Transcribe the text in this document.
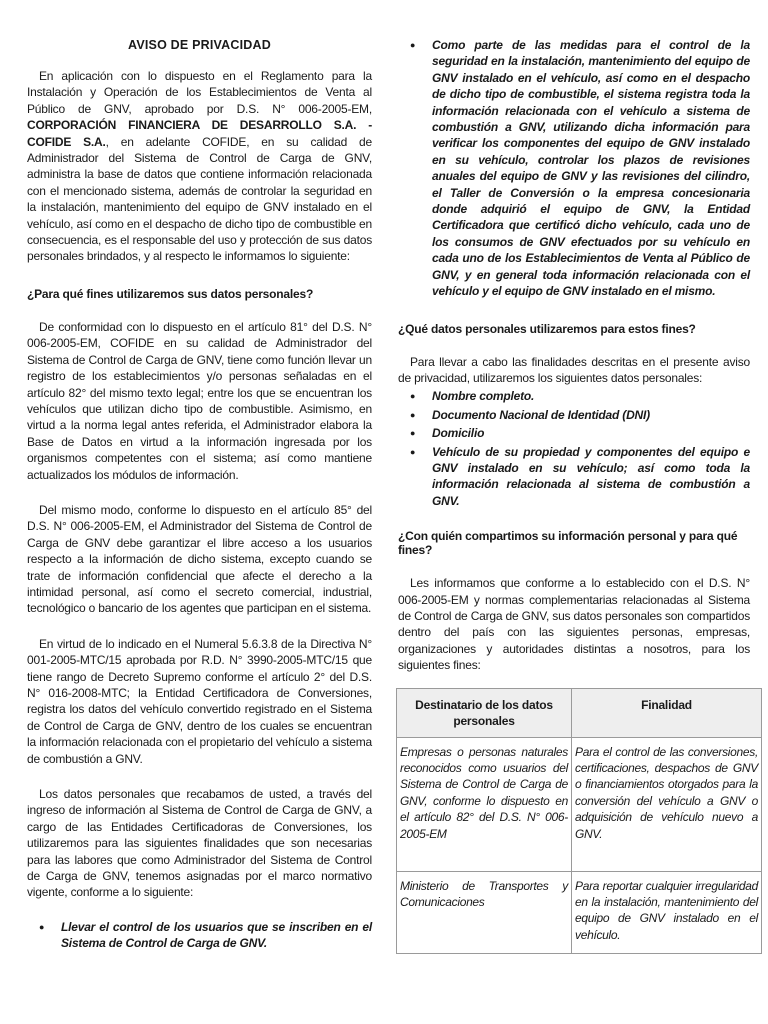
AVISO DE PRIVACIDAD

En aplicación con lo dispuesto en el Reglamento para la Instalación y Operación de los Establecimientos de Venta al Público de GNV, aprobado por D.S. N° 006-2005-EM, CORPORACIÓN FINANCIERA DE DESARROLLO S.A. - COFIDE S.A., en adelante COFIDE, en su calidad de Administrador del Sistema de Control de Carga de GNV, administra la base de datos que contiene información relacionada con el mencionado sistema, además de controlar la seguridad en la instalación, mantenimiento del equipo de GNV instalado en el vehículo, así como en el despacho de dicho tipo de combustible en consecuencia, es el responsable del uso y protección de sus datos personales brindados, y al respecto le informamos lo siguiente:

¿Para qué fines utilizaremos sus datos personales?

De conformidad con lo dispuesto en el artículo 81° del D.S. N° 006-2005-EM, COFIDE en su calidad de Administrador del Sistema de Control de Carga de GNV, tiene como función llevar un registro de los establecimientos y/o personas señaladas en el artículo 82° del mismo texto legal; entre los que se encuentran los vehículos que utilizan dicho tipo de combustible. Asimismo, en virtud a la norma legal antes referida, el Administrador elabora la Base de Datos en virtud a la información ingresada por los organismos competentes con el sistema; así como mantiene actualizados los módulos de información.

Del mismo modo, conforme lo dispuesto en el artículo 85° del D.S. N° 006-2005-EM, el Administrador del Sistema de Control de Carga de GNV debe garantizar el libre acceso a los usuarios respecto a la información de dicho sistema, excepto cuando se trate de información confidencial que afecte el derecho a la intimidad personal, así como el secreto comercial, industrial, tecnológico o bancario de los agentes que participan en el sistema.

En virtud de lo indicado en el Numeral 5.6.3.8 de la Directiva N° 001-2005-MTC/15 aprobada por R.D. N° 3990-2005-MTC/15 que tiene rango de Decreto Supremo conforme el artículo 2° del D.S. N° 016-2008-MTC; la Entidad Certificadora de Conversiones, registra los datos del vehículo convertido registrado en el Sistema de Control de Carga de GNV, dentro de los cuales se encuentran la información relacionada con el propietario del vehículo a sistema de combustión a GNV.

Los datos personales que recabamos de usted, a través del ingreso de información al Sistema de Control de Carga de GNV, a cargo de las Entidades Certificadoras de Conversiones, los utilizaremos para las siguientes finalidades que son necesarias para las labores que como Administrador del Sistema de Control de Carga de GNV, tenemos asignadas por el marco normativo vigente, conforme a lo siguiente:

● Llevar el control de los usuarios que se inscriben en el Sistema de Control de Carga de GNV.
● Como parte de las medidas para el control de la seguridad en la instalación, mantenimiento del equipo de GNV instalado en el vehículo, así como en el despacho de dicho tipo de combustible, el sistema registra toda la información relacionada con el vehículo a sistema de combustión a GNV, utilizando dicha información para verificar los componentes del equipo de GNV instalado en su vehículo, controlar los plazos de revisiones anuales del equipo de GNV y las revisiones del cilindro, el Taller de Conversión o la empresa concesionaria donde adquirió el equipo de GNV, la Entidad Certificadora que certificó dicho vehículo, cada uno de los consumos de GNV efectuados por su vehículo en cada uno de los Establecimientos de Venta al Público de GNV, y en general toda información relacionada con el vehículo y el equipo de GNV instalado en el mismo.
¿Qué datos personales utilizaremos para estos fines?

Para llevar a cabo las finalidades descritas en el presente aviso de privacidad, utilizaremos los siguientes datos personales:

● Nombre completo.
● Documento Nacional de Identidad (DNI)
● Domicilio
● Vehículo de su propiedad y componentes del equipo e GNV instalado en su vehículo; así como toda la información relacionada al sistema de combustión a GNV.
¿Con quién compartimos su información personal y para qué fines?

Les informamos que conforme a lo establecido con el D.S. N° 006-2005-EM y normas complementarias relacionadas al Sistema de Control de Carga de GNV, sus datos personales son compartidos dentro del país con las siguientes personas, empresas, organizaciones y autoridades distintas a nosotros, para los siguientes fines:

Destinatario de los datos personales	Finalidad
Empresas o personas naturales reconocidos como usuarios del Sistema de Control de Carga de GNV, conforme lo dispuesto en el artículo 82° del D.S. N° 006-2005-EM	Para el control de las conversiones, certificaciones, despachos de GNV o financiamientos otorgados para la conversión del vehículo a GNV o adquisición de vehículo nuevo a GNV.
Ministerio de Transportes y Comunicaciones	Para reportar cualquier irregularidad en la instalación, mantenimiento del equipo de GNV instalado en el vehículo.
